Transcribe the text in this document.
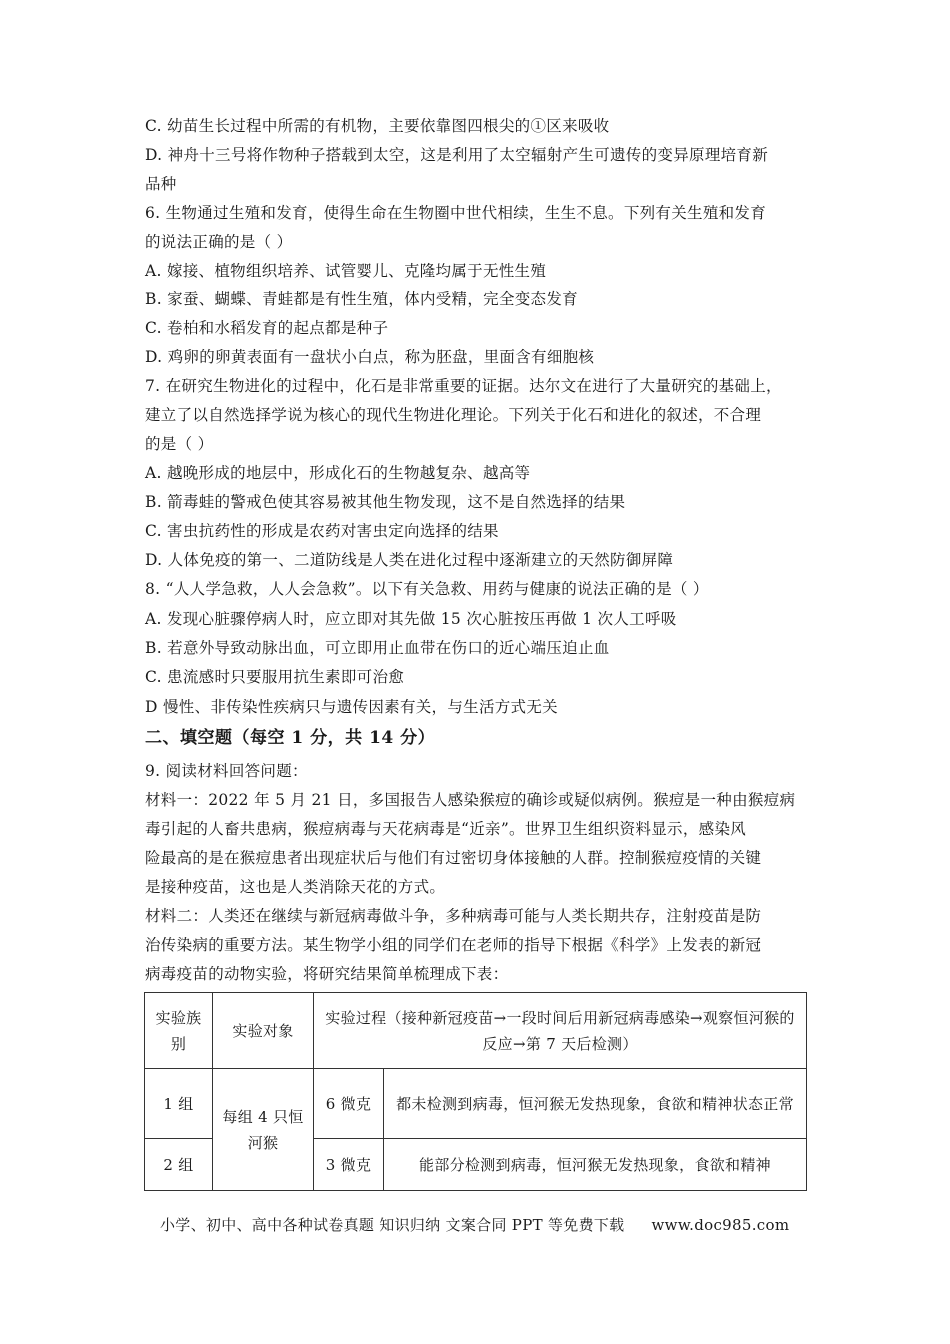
C. 幼苗生长过程中所需的有机物，主要依靠图四根尖的①区来吸收
D. 神舟十三号将作物种子搭载到太空，这是利用了太空辐射产生可遗传的变异原理培育新
品种
6. 生物通过生殖和发育，使得生命在生物圈中世代相续，生生不息。下列有关生殖和发育
的说法正确的是（ ）
A. 嫁接、植物组织培养、试管婴儿、克隆均属于无性生殖
B. 家蚕、蝴蝶、青蛙都是有性生殖，体内受精，完全变态发育
C. 卷柏和水稻发育的起点都是种子
D. 鸡卵的卵黄表面有一盘状小白点，称为胚盘，里面含有细胞核
7. 在研究生物进化的过程中，化石是非常重要的证据。达尔文在进行了大量研究的基础上，
建立了以自然选择学说为核心的现代生物进化理论。下列关于化石和进化的叙述，不合理
的是（ ）
A. 越晚形成的地层中，形成化石的生物越复杂、越高等
B. 箭毒蛙的警戒色使其容易被其他生物发现，这不是自然选择的结果
C. 害虫抗药性的形成是农药对害虫定向选择的结果
D. 人体免疫的第一、二道防线是人类在进化过程中逐渐建立的天然防御屏障
8. “人人学急救，人人会急救”。以下有关急救、用药与健康的说法正确的是（ ）
A. 发现心脏骤停病人时，应立即对其先做 15 次心脏按压再做 1 次人工呼吸
B. 若意外导致动脉出血，可立即用止血带在伤口的近心端压迫止血
C. 患流感时只要服用抗生素即可治愈
D 慢性、非传染性疾病只与遗传因素有关，与生活方式无关
二、填空题（每空 1 分，共 14 分）
9. 阅读材料回答问题：
材料一：2022 年 5 月 21 日，多国报告人感染猴痘的确诊或疑似病例。猴痘是一种由猴痘病
毒引起的人畜共患病，猴痘病毒与天花病毒是“近亲”。世界卫生组织资料显示，感染风
险最高的是在猴痘患者出现症状后与他们有过密切身体接触的人群。控制猴痘疫情的关键
是接种疫苗，这也是人类消除天花的方式。
材料二：人类还在继续与新冠病毒做斗争，多种病毒可能与人类长期共存，注射疫苗是防
治传染病的重要方法。某生物学小组的同学们在老师的指导下根据《科学》上发表的新冠
病毒疫苗的动物实验，将研究结果简单梳理成下表：
实验族别	实验对象	实验过程（接种新冠疫苗→一段时间后用新冠病毒感染→观察恒河猴的反应→第 7 天后检测）	
1 组	每组 4 只恒河猴	6 微克	都未检测到病毒，恒河猴无发热现象，食欲和精神状态正常
2 组		3 微克	能部分检测到病毒，恒河猴无发热现象，食欲和精神
小学、初中、高中各种试卷真题 知识归纳 文案合同 PPT 等免费下载 www.doc985.com
